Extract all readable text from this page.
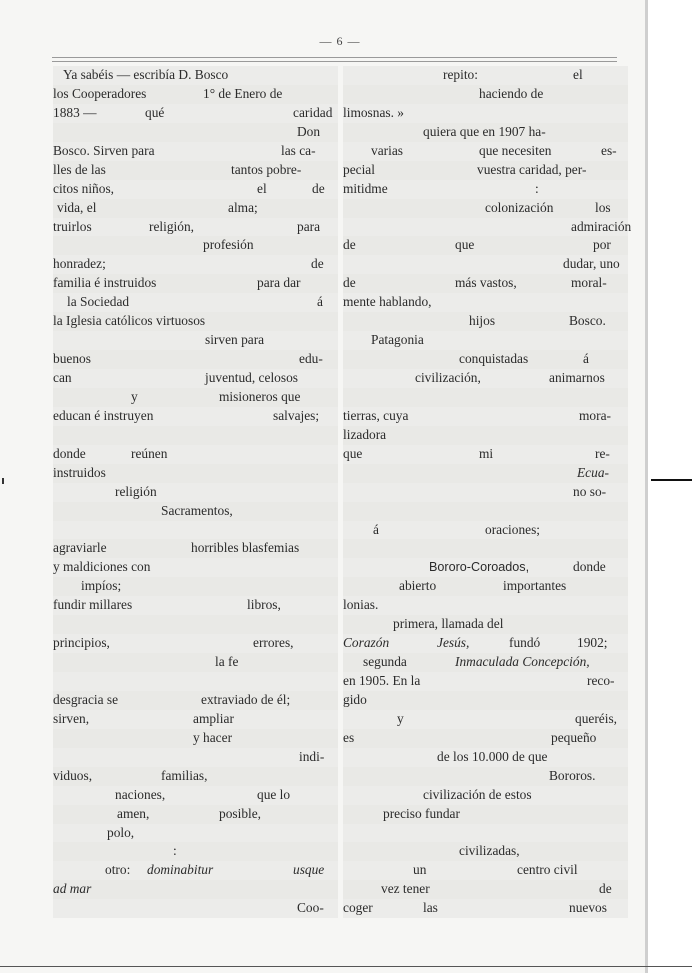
— 6 —
Ya sabéis — escribía D. Bosco
los Cooperadores	1° de Enero de
1883 —	qué	caridad
Don
Bosco. Sirven para	las ca-
lles de las	tantos pobre-
citos niños,	el	de
vida, el	alma;
truirlos	religión,	para
profesión
honradez;	de
familia é instruidos	para dar
la Sociedad	á
la Iglesia católicos virtuosos
sirven para
buenos	edu-
can	juventud, celosos
y	misioneros que
educan é instruyen	salvajes;
donde	reúnen
instruidos
religión
Sacramentos,
agraviarle	horribles blasfemias
y maldiciones con
impíos;
fundir millares	libros,
principios,	errores,
la fe
desgracia se	extraviado de él;
sirven,	ampliar
y hacer
indi-
viduos,	familias,
naciones,	que lo
amen,	posible,
polo,
:
otro: dominabitur	usque
ad mar
Coo-
repito:	el
haciendo de
limosnas. »
quiera que en 1907 ha-
varias	que necesiten	es-
pecial	vuestra caridad, per-
mitidme	:
colonización	los
admiración
de	que	por
dudar, uno
de	más vastos,	moral-
mente hablando,
hijos	Bosco.
Patagonia
conquistadas	á
civilización,	animarnos
tierras, cuya	mora-
lizadora
que	mi	re-
Ecua-
no so-
á	oraciones;
Bororo-Coroados,	donde
abierto	importantes
lonias.
primera, llamada del
Corazón	Jesús,	fundó	1902;
segunda	Inmaculada Concepción,
en 1905. En la	reco-
gido
y	queréis,
es	pequeño
de los 10.000 de que
Bororos.
civilización de estos
preciso fundar
civilizadas,
un	centro civil
vez tener	de
coger	las	nuevos
